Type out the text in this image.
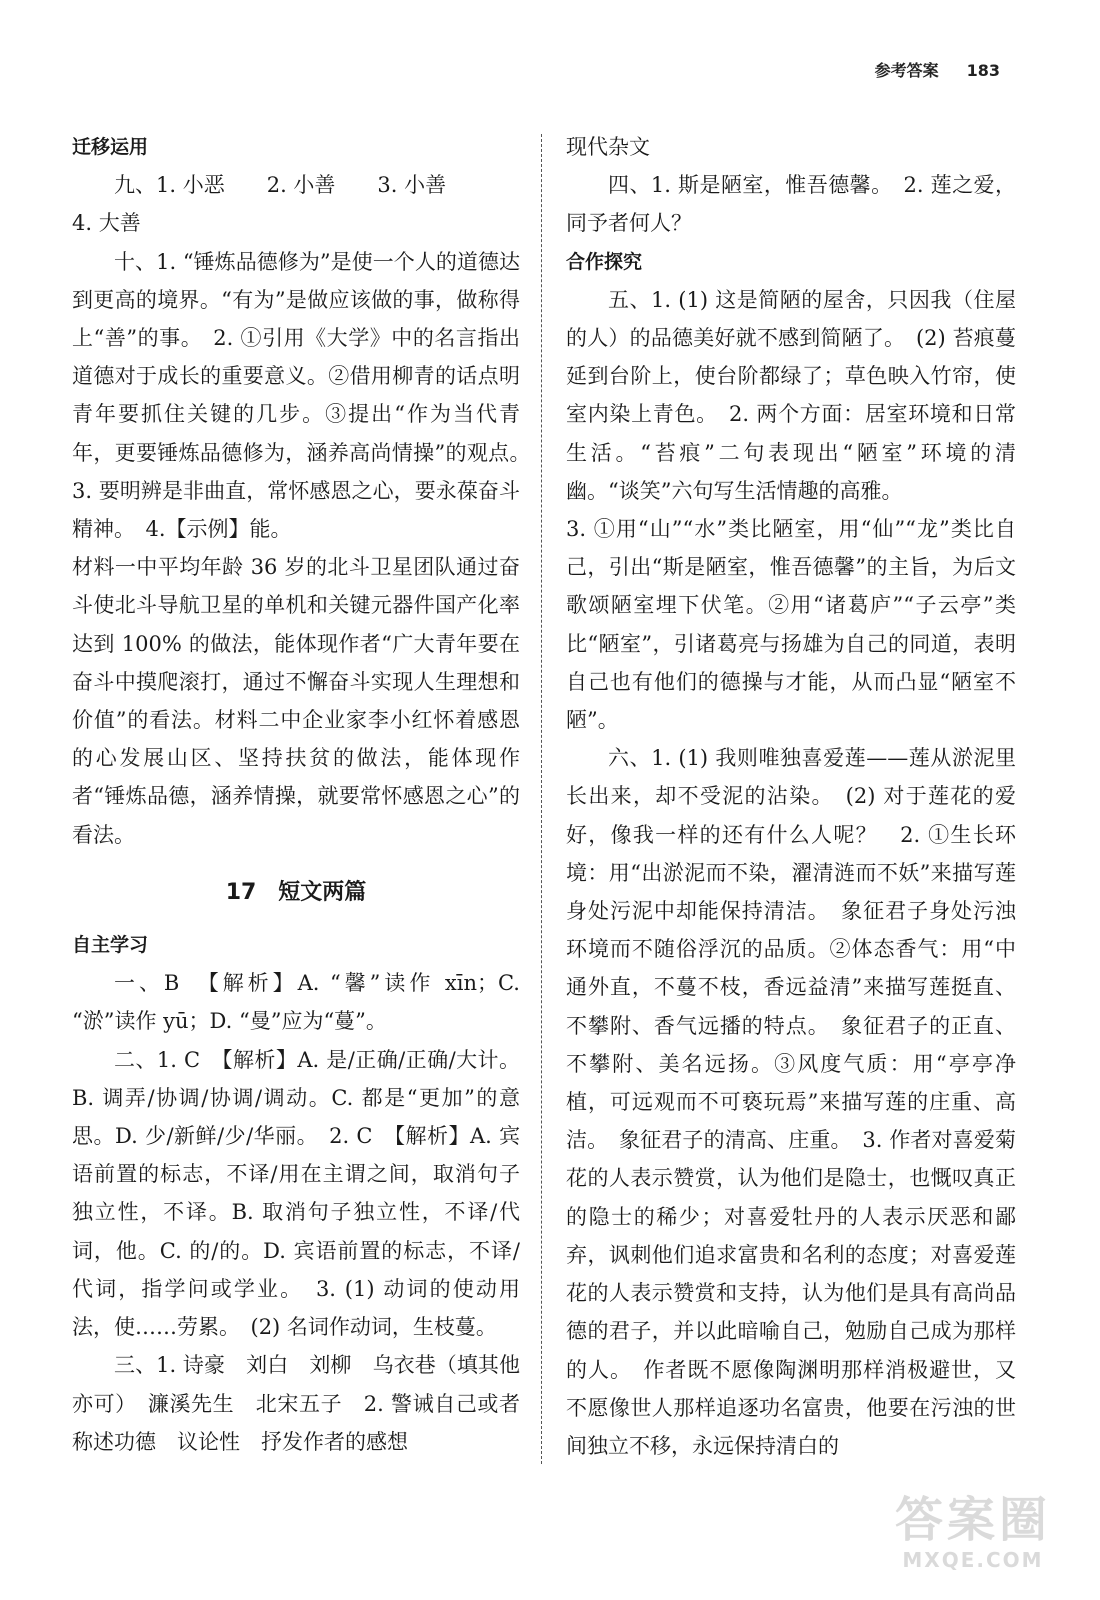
参考答案 183

迁移运用

九、1. 小恶　　2. 小善　　3. 小善

4. 大善

十、1. “锤炼品德修为”是使一个人的道德达到更高的境界。“有为”是做应该做的事，做称得上“善”的事。　2. ①引用《大学》中的名言指出道德对于成长的重要意义。②借用柳青的话点明青年要抓住关键的几步。③提出“作为当代青年，更要锤炼品德修为，涵养高尚情操”的观点。　3. 要明辨是非曲直，常怀感恩之心，要永葆奋斗精神。　4.【示例】能。

材料一中平均年龄 36 岁的北斗卫星团队通过奋斗使北斗导航卫星的单机和关键元器件国产化率达到 100% 的做法，能体现作者“广大青年要在奋斗中摸爬滚打，通过不懈奋斗实现人生理想和价值”的看法。材料二中企业家李小红怀着感恩的心发展山区、坚持扶贫的做法，能体现作者“锤炼品德，涵养情操，就要常怀感恩之心”的看法。

17　短文两篇

自主学习

一、B　【解析】A. “馨”读作 xīn；C. “淤”读作 yū；D. “曼”应为“蔓”。

二、1. C　【解析】A. 是/正确/正确/大计。B. 调弄/协调/协调/调动。C. 都是“更加”的意思。D. 少/新鲜/少/华丽。　2. C　【解析】A. 宾语前置的标志，不译/用在主谓之间，取消句子独立性，不译。B. 取消句子独立性，不译/代词，他。C. 的/的。D. 宾语前置的标志，不译/代词，指学问或学业。　3. (1) 动词的使动用法，使……劳累。　(2) 名词作动词，生枝蔓。

三、1. 诗豪　刘白　刘柳　乌衣巷（填其他亦可）　濂溪先生　北宋五子　2. 警诫自己或者称述功德　议论性　抒发作者的感想

现代杂文

四、1. 斯是陋室，惟吾德馨。　2. 莲之爱，同予者何人？

合作探究

五、1. (1) 这是简陋的屋舍，只因我（住屋的人）的品德美好就不感到简陋了。　(2) 苔痕蔓延到台阶上，使台阶都绿了；草色映入竹帘，使室内染上青色。　2. 两个方面：居室环境和日常生活。“苔痕”二句表现出“陋室”环境的清幽。“谈笑”六句写生活情趣的高雅。

3. ①用“山”“水”类比陋室，用“仙”“龙”类比自己，引出“斯是陋室，惟吾德馨”的主旨，为后文歌颂陋室埋下伏笔。②用“诸葛庐”“子云亭”类比“陋室”，引诸葛亮与扬雄为自己的同道，表明自己也有他们的德操与才能，从而凸显“陋室不陋”。

六、1. (1) 我则唯独喜爱莲——莲从淤泥里长出来，却不受泥的沾染。　(2) 对于莲花的爱好，像我一样的还有什么人呢？　2. ①生长环境：用“出淤泥而不染，濯清涟而不妖”来描写莲身处污泥中却能保持清洁。　象征君子身处污浊环境而不随俗浮沉的品质。②体态香气：用“中通外直，不蔓不枝，香远益清”来描写莲挺直、不攀附、香气远播的特点。　象征君子的正直、不攀附、美名远扬。③风度气质：用“亭亭净植，可远观而不可亵玩焉”来描写莲的庄重、高洁。　象征君子的清高、庄重。　3. 作者对喜爱菊花的人表示赞赏，认为他们是隐士，也慨叹真正的隐士的稀少；对喜爱牡丹的人表示厌恶和鄙弃，讽刺他们追求富贵和名利的态度；对喜爱莲花的人表示赞赏和支持，认为他们是具有高尚品德的君子，并以此暗喻自己，勉励自己成为那样的人。　作者既不愿像陶渊明那样消极避世，又不愿像世人那样追逐功名富贵，他要在污浊的世间独立不移，永远保持清白的

答案圈
MXQE.COM
